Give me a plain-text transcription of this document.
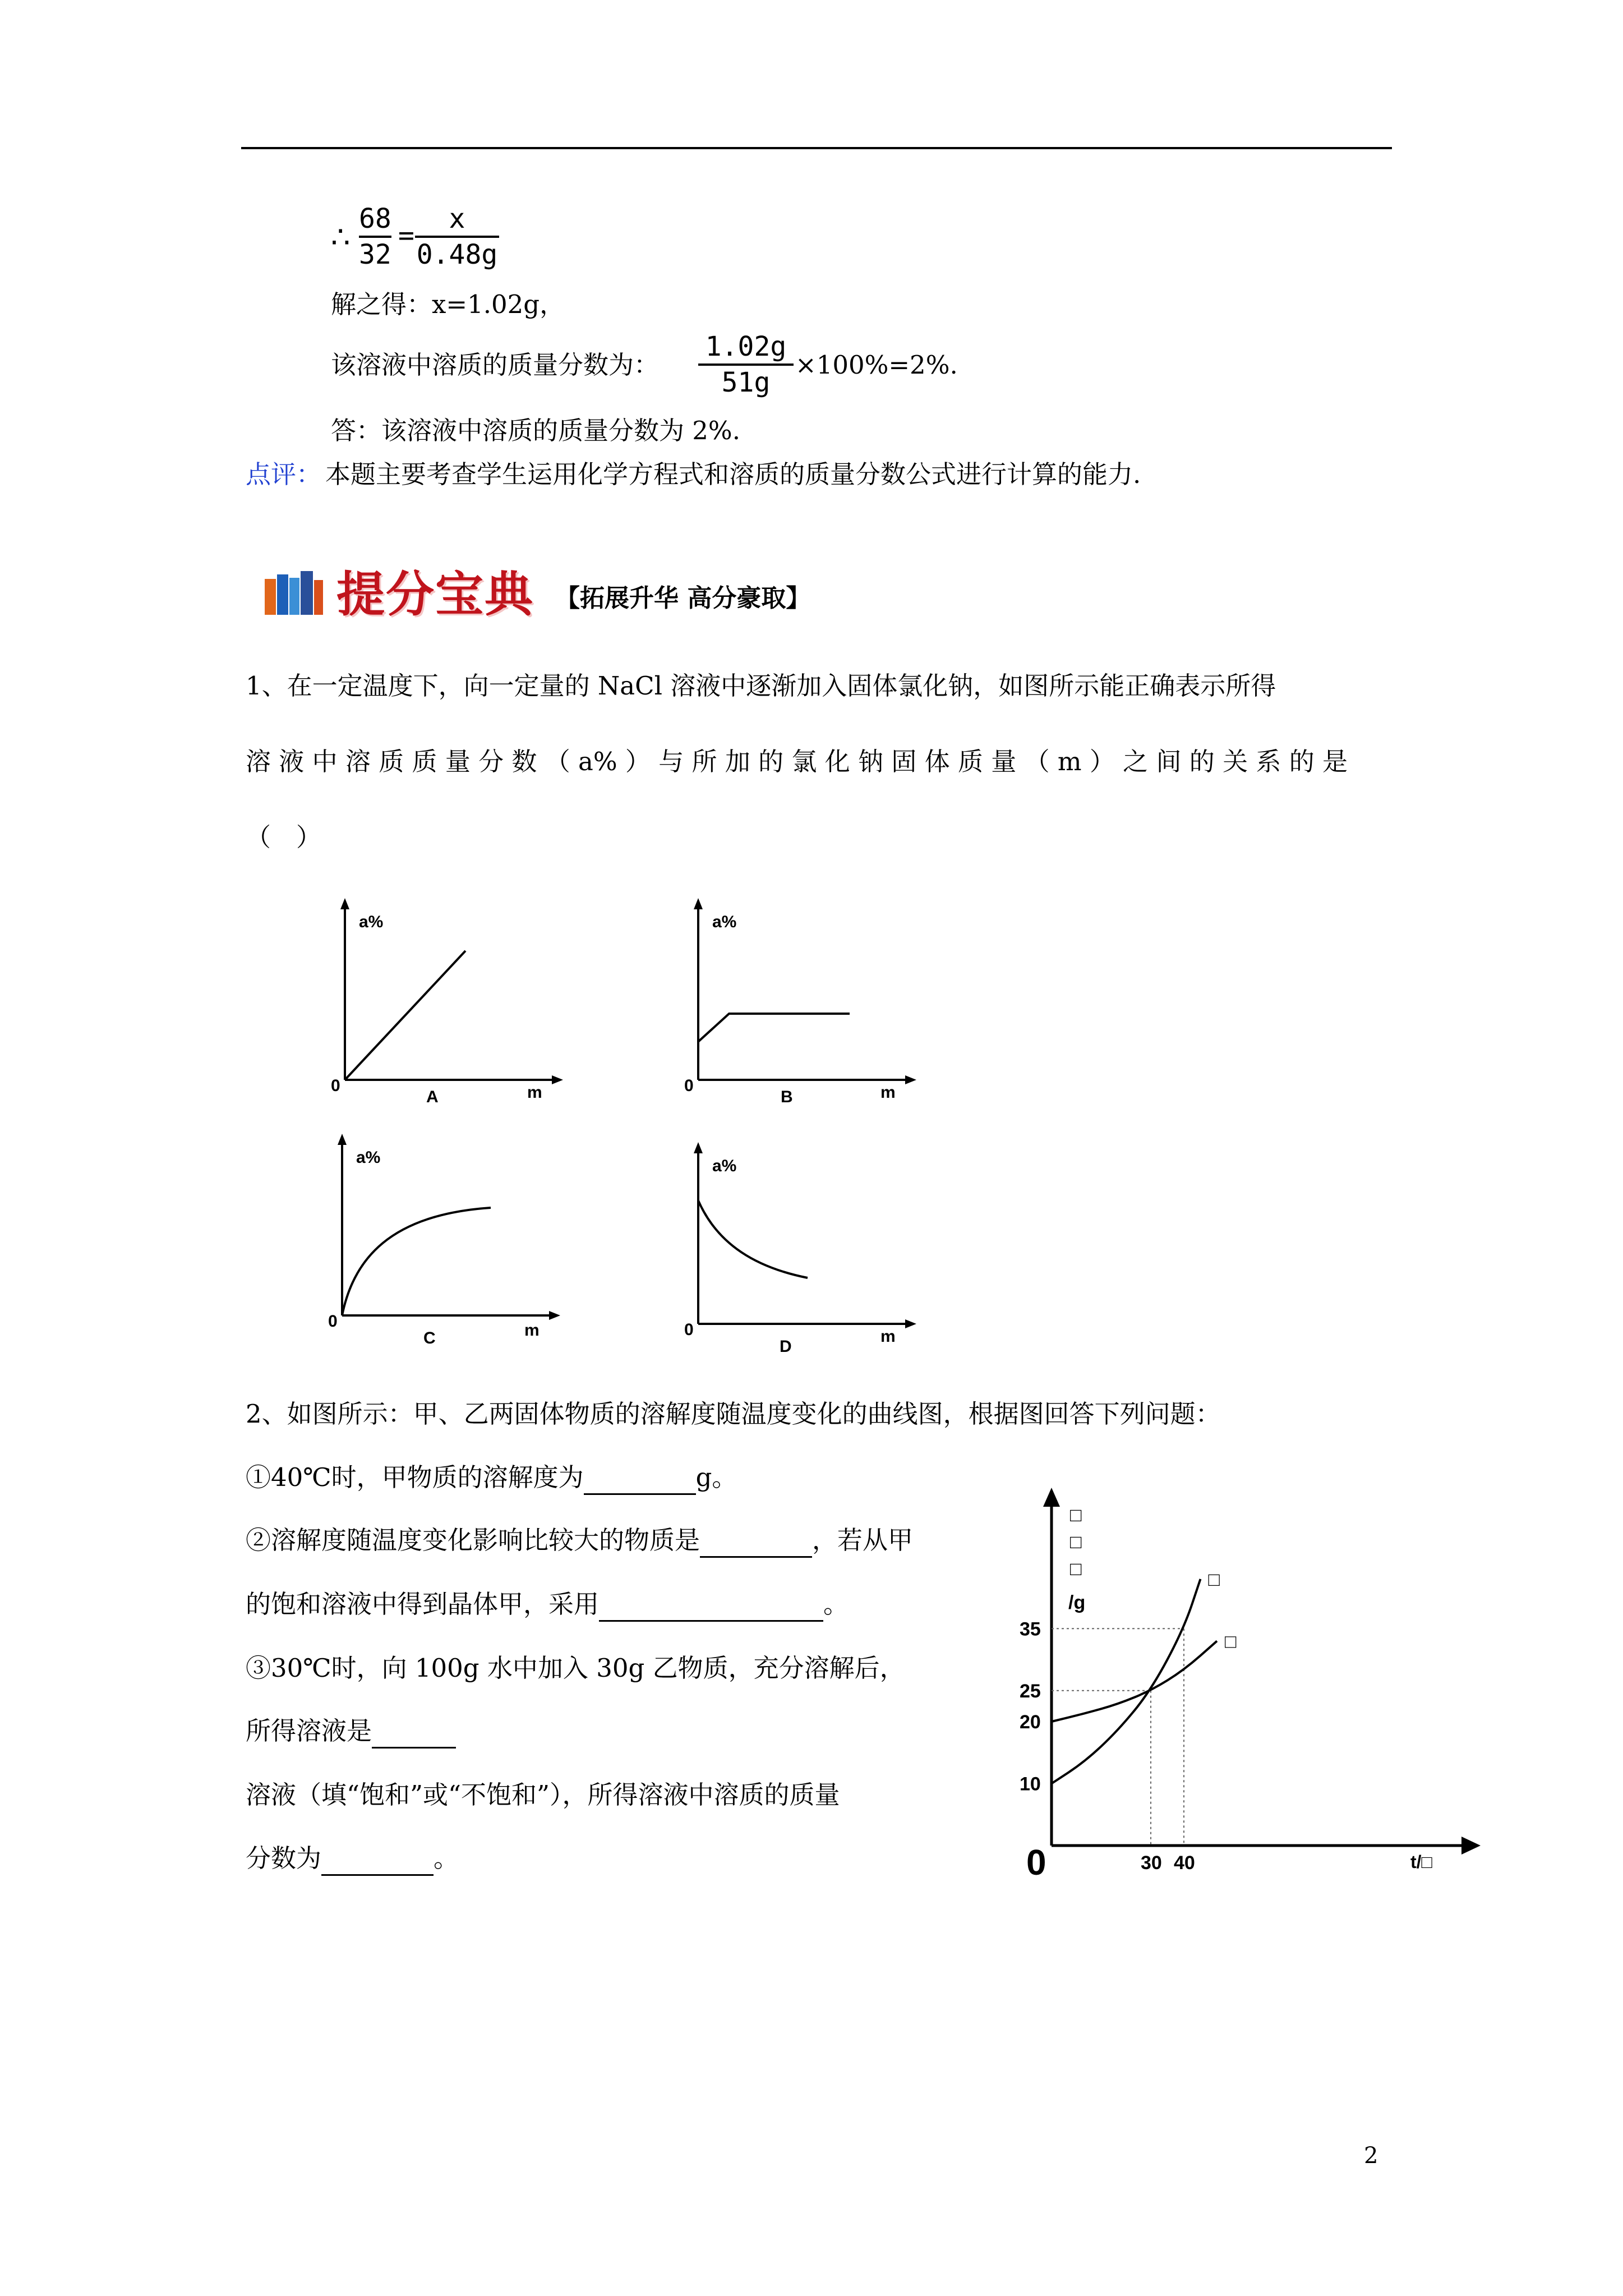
∴
68
32
=
x
0.48g
解之得：x=1.02g，
该溶液中溶质的质量分数为：
1.02g
51g
×100%=2%.
答：该溶液中溶质的质量分数为 2%.
点评： 本题主要考查学生运用化学方程式和溶质的质量分数公式进行计算的能力.
提分宝典 【拓展升华 高分豪取】
1、在一定温度下，向一定量的 NaCl 溶液中逐渐加入固体氯化钠，如图所示能正确表示所得
溶 液 中 溶 质 质 量 分 数 （ a% ） 与 所 加 的 氯 化 钠 固 体 质 量 （ m ） 之 间 的 关 系 的 是
（　）
a%
0
A	m
a%
0
B	m
a%
0
C	m
a%
0
D
m
2、如图所示：甲、乙两固体物质的溶解度随温度变化的曲线图，根据图回答下列问题：
①40℃时，甲物质的溶解度为	g。
②溶解度随温度变化影响比较大的物质是	，若从甲
的饱和溶液中得到晶体甲，采用	。
③30℃时，向 100g 水中加入 30g 乙物质，充分溶解后，
所得溶液是
溶液（填“饱和”或“不饱和”），所得溶液中溶质的质量
分数为	。
□
□
10
20
25
35
30 40
0
/g
□
□
□
t/□
2
